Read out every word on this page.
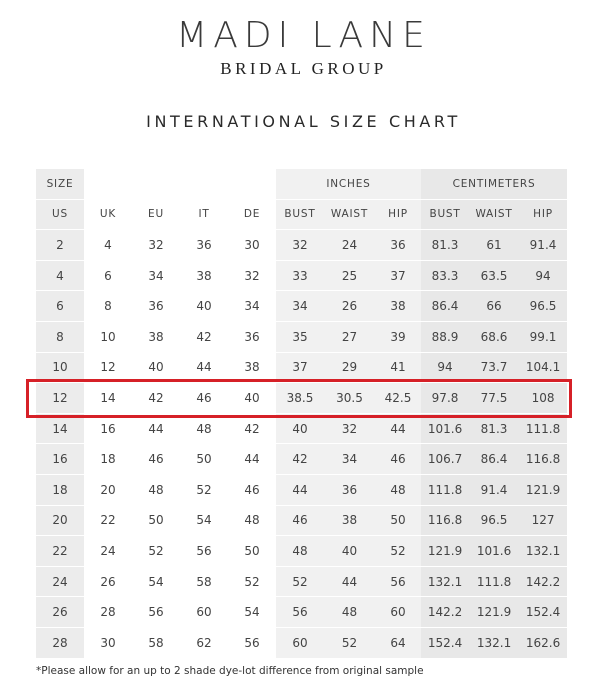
MADI LANE
BRIDAL GROUP
INTERNATIONAL SIZE CHART
SIZE					INCHES			CENTIMETERS		
US	UK	EU	IT	DE	BUST	WAIST	HIP	BUST	WAIST	HIP
2	4	32	36	30	32	24	36	81.3	61	91.4
4	6	34	38	32	33	25	37	83.3	63.5	94
6	8	36	40	34	34	26	38	86.4	66	96.5
8	10	38	42	36	35	27	39	88.9	68.6	99.1
10	12	40	44	38	37	29	41	94	73.7	104.1
12	14	42	46	40	38.5	30.5	42.5	97.8	77.5	108
14	16	44	48	42	40	32	44	101.6	81.3	111.8
16	18	46	50	44	42	34	46	106.7	86.4	116.8
18	20	48	52	46	44	36	48	111.8	91.4	121.9
20	22	50	54	48	46	38	50	116.8	96.5	127
22	24	52	56	50	48	40	52	121.9	101.6	132.1
24	26	54	58	52	52	44	56	132.1	111.8	142.2
26	28	56	60	54	56	48	60	142.2	121.9	152.4
28	30	58	62	56	60	52	64	152.4	132.1	162.6
*Please allow for an up to 2 shade dye-lot difference from original sample
